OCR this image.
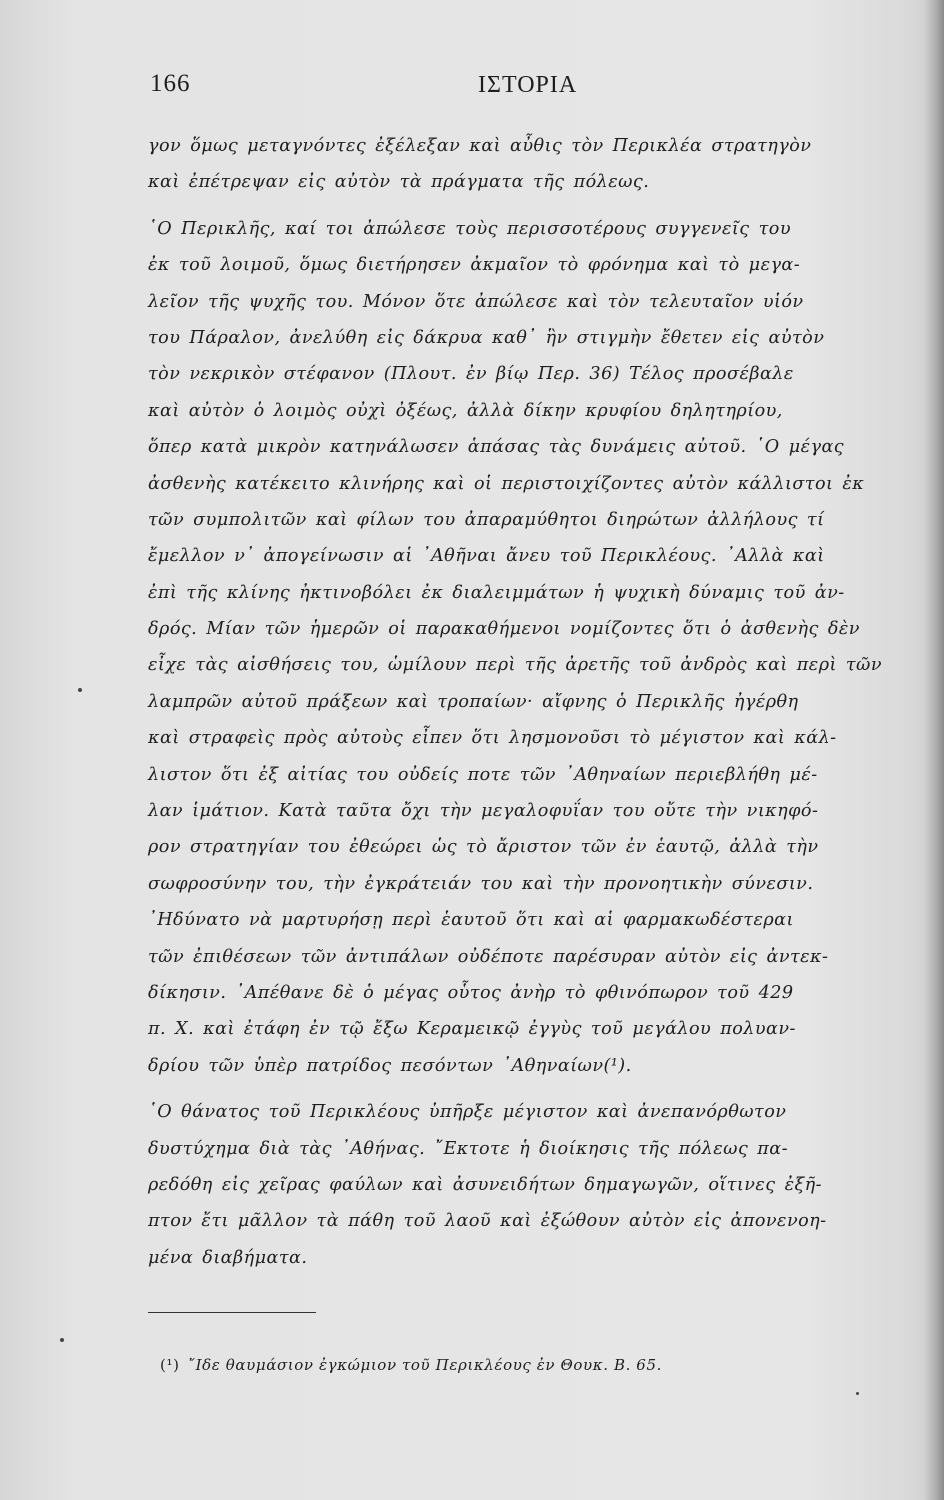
166	ΙΣΤΟΡΙΑ
γον ὅμως μεταγνόντες ἐξέλεξαν καὶ αὖθις τὸν Περικλέα στρατηγὸν
καὶ ἐπέτρεψαν εἰς αὐτὸν τὰ πράγματα τῆς πόλεως.
῾Ο Περικλῆς, καί τοι ἀπώλεσε τοὺς περισσοτέρους συγγενεῖς του
ἐκ τοῦ λοιμοῦ, ὅμως διετήρησεν ἀκμαῖον τὸ φρόνημα καὶ τὸ μεγα-
λεῖον τῆς ψυχῆς του. Μόνον ὅτε ἀπώλεσε καὶ τὸν τελευταῖον υἱόν
του Πάραλον, ἀνελύθη εἰς δάκρυα καθ᾽ ἣν στιγμὴν ἔθετεν εἰς αὐτὸν
τὸν νεκρικὸν στέφανον (Πλουτ. ἐν βίῳ Περ. 36) Τέλος προσέβαλε
καὶ αὐτὸν ὁ λοιμὸς οὐχὶ ὀξέως, ἀλλὰ δίκην κρυφίου δηλητηρίου,
ὅπερ κατὰ μικρὸν κατηνάλωσεν ἁπάσας τὰς δυνάμεις αὐτοῦ. ῾Ο μέγας
ἀσθενὴς κατέκειτο κλινήρης καὶ οἱ περιστοιχίζοντες αὐτὸν κάλλιστοι ἐκ
τῶν συμπολιτῶν καὶ φίλων του ἀπαραμύθητοι διηρώτων ἀλλήλους τί
ἔμελλον ν᾽ ἀπογείνωσιν αἱ ᾽Αθῆναι ἄνευ τοῦ Περικλέους. ᾽Αλλὰ καὶ
ἐπὶ τῆς κλίνης ἠκτινοβόλει ἐκ διαλειμμάτων ἡ ψυχικὴ δύναμις τοῦ ἀν-
δρός. Μίαν τῶν ἡμερῶν οἱ παρακαθήμενοι νομίζοντες ὅτι ὁ ἀσθενὴς δὲν
εἶχε τὰς αἰσθήσεις του, ὡμίλουν περὶ τῆς ἀρετῆς τοῦ ἀνδρὸς καὶ περὶ τῶν
λαμπρῶν αὐτοῦ πράξεων καὶ τροπαίων· αἴφνης ὁ Περικλῆς ἠγέρθη
καὶ στραφεὶς πρὸς αὐτοὺς εἶπεν ὅτι λησμονοῦσι τὸ μέγιστον καὶ κάλ-
λιστον ὅτι ἐξ αἰτίας του οὐδείς ποτε τῶν ᾽Αθηναίων περιεβλήθη μέ-
λαν ἱμάτιον. Κατὰ ταῦτα ὄχι τὴν μεγαλοφυΐαν του οὔτε τὴν νικηφό-
ρον στρατηγίαν του ἐθεώρει ὡς τὸ ἄριστον τῶν ἐν ἑαυτῷ, ἀλλὰ τὴν
σωφροσύνην του, τὴν ἐγκράτειάν του καὶ τὴν προνοητικὴν σύνεσιν.
᾽Ηδύνατο νὰ μαρτυρήσῃ περὶ ἑαυτοῦ ὅτι καὶ αἱ φαρμακωδέστεραι
τῶν ἐπιθέσεων τῶν ἀντιπάλων οὐδέποτε παρέσυραν αὐτὸν εἰς ἀντεκ-
δίκησιν. ᾽Απέθανε δὲ ὁ μέγας οὗτος ἀνὴρ τὸ φθινόπωρον τοῦ 429
π. Χ. καὶ ἐτάφη ἐν τῷ ἔξω Κεραμεικῷ ἐγγὺς τοῦ μεγάλου πολυαν-
δρίου τῶν ὑπὲρ πατρίδος πεσόντων ᾽Αθηναίων(¹).
῾Ο θάνατος τοῦ Περικλέους ὑπῆρξε μέγιστον καὶ ἀνεπανόρθωτον
δυστύχημα διὰ τὰς ᾽Αθήνας. ῎Εκτοτε ἡ διοίκησις τῆς πόλεως πα-
ρεδόθη εἰς χεῖρας φαύλων καὶ ἀσυνειδήτων δημαγωγῶν, οἵτινες ἐξῆ-
πτον ἔτι μᾶλλον τὰ πάθη τοῦ λαοῦ καὶ ἐξώθουν αὐτὸν εἰς ἀπονενοη-
μένα διαβήματα.
(¹) ῎Ιδε θαυμάσιον ἐγκώμιον τοῦ Περικλέους ἐν Θουκ. Β. 65.
